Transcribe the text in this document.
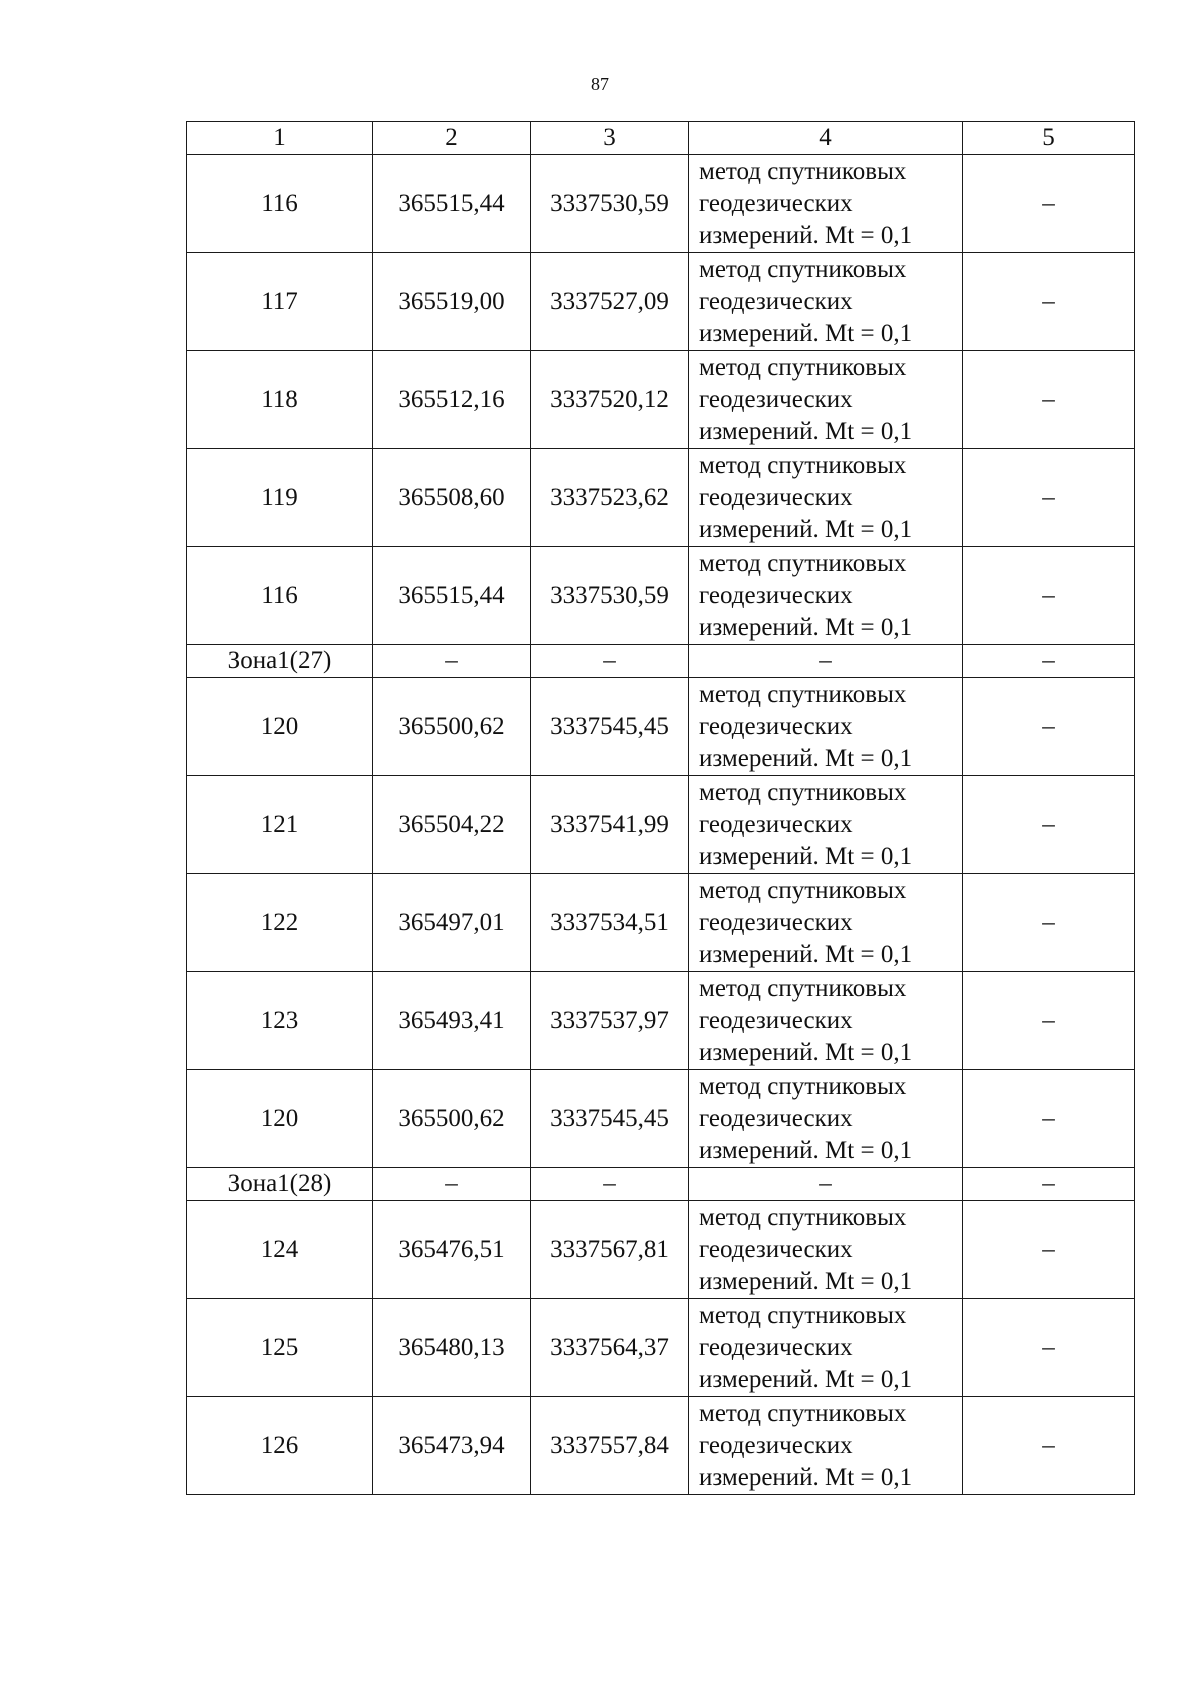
87
1	2	3	4	5
116	365515,44	3337530,59	метод спутниковых
геодезических
измерений. Mt = 0,1	–
117	365519,00	3337527,09	метод спутниковых
геодезических
измерений. Mt = 0,1	–
118	365512,16	3337520,12	метод спутниковых
геодезических
измерений. Mt = 0,1	–
119	365508,60	3337523,62	метод спутниковых
геодезических
измерений. Mt = 0,1	–
116	365515,44	3337530,59	метод спутниковых
геодезических
измерений. Mt = 0,1	–
Зона1(27)	–	–	–	–
120	365500,62	3337545,45	метод спутниковых
геодезических
измерений. Mt = 0,1	–
121	365504,22	3337541,99	метод спутниковых
геодезических
измерений. Mt = 0,1	–
122	365497,01	3337534,51	метод спутниковых
геодезических
измерений. Mt = 0,1	–
123	365493,41	3337537,97	метод спутниковых
геодезических
измерений. Mt = 0,1	–
120	365500,62	3337545,45	метод спутниковых
геодезических
измерений. Mt = 0,1	–
Зона1(28)	–	–	–	–
124	365476,51	3337567,81	метод спутниковых
геодезических
измерений. Mt = 0,1	–
125	365480,13	3337564,37	метод спутниковых
геодезических
измерений. Mt = 0,1	–
126	365473,94	3337557,84	метод спутниковых
геодезических
измерений. Mt = 0,1	–
